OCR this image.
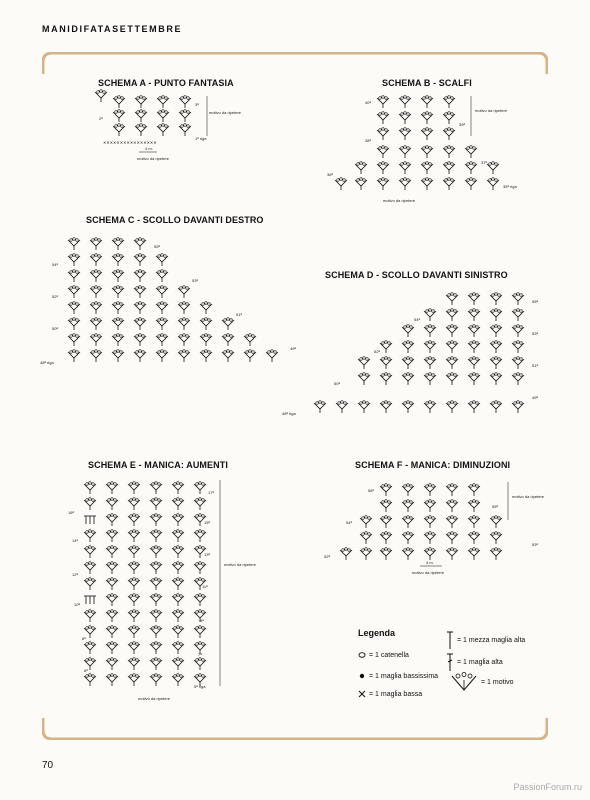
MANIDIFATASETTEMBRE
SCHEMA A - PUNTO FANTASIA
✕✕✕✕✕✕✕✕✕✕✕✕✕✕✕✕
3ª
2ª
1ª riga
motivo da ripetere
4 m.
motivo da ripetere
SCHEMA B - SCALFI
40ª
39ª
38ª
37ª
36ª
35ª riga
motivo da ripetere
motivo da ripetere
SCHEMA C - SCOLLO DAVANTI DESTRO
55ª
54ª
53ª
52ª
51ª
50ª
49ª
48ª riga
SCHEMA D - SCOLLO DAVANTI SINISTRO
55ª
54ª
53ª
52ª
51ª
50ª
49ª
48ª riga
SCHEMA E - MANICA: AUMENTI
17ª
16ª
15ª
14ª
13ª
12ª
11ª
10ª
9ª
8ª
7ª
6ª
5ª riga
motivo da ripetere
motivo da ripetere
SCHEMA F - MANICA: DIMINUZIONI
56ª
55ª
54ª
53ª
52ª
motivo da ripetere
4 m.
motivo da ripetere
Legenda
= 1 catenella
= 1 maglia bassissima
= 1 maglia bassa
= 1 mezza maglia alta
= 1 maglia alta
= 1 motivo
70
PassionForum.ru
